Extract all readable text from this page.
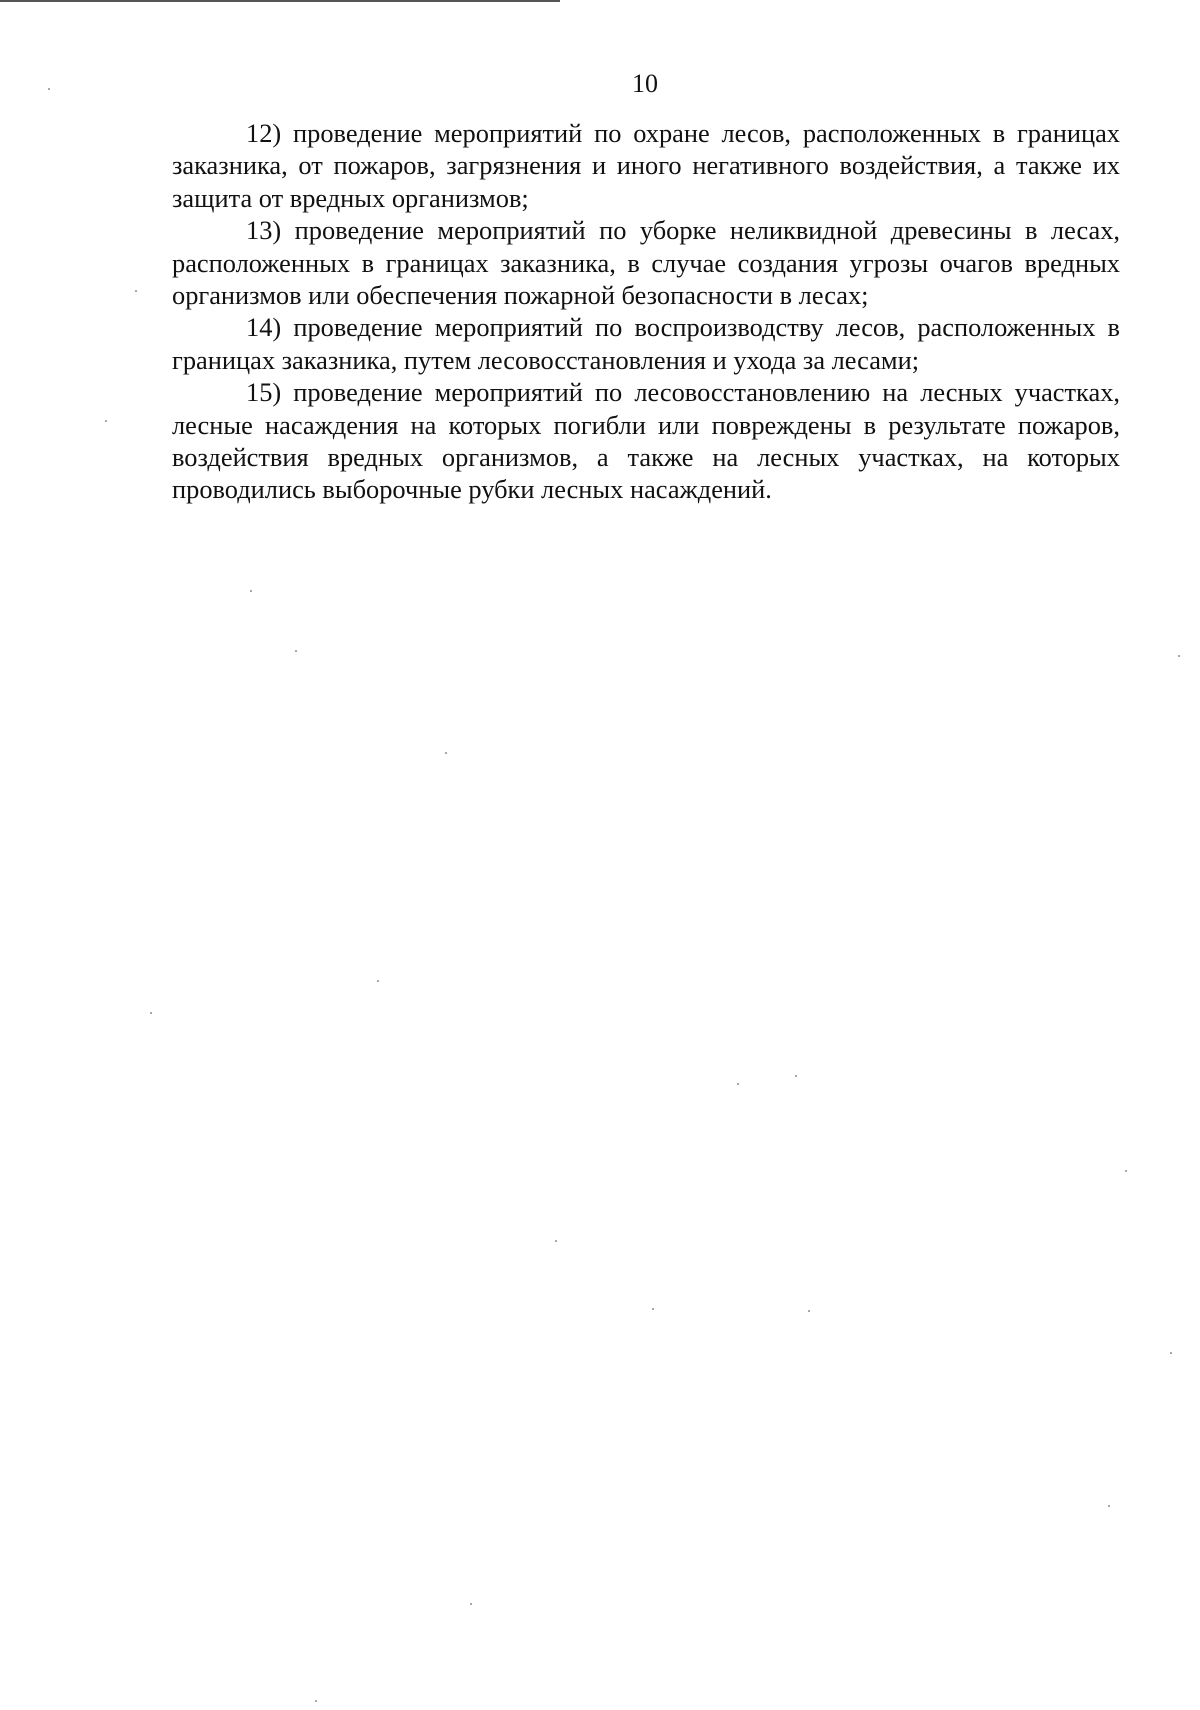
10

12) проведение мероприятий по охране лесов, расположенных в границах заказника, от пожаров, загрязнения и иного негативного воздействия, а также их защита от вредных организмов;

13) проведение мероприятий по уборке неликвидной древесины в лесах, расположенных в границах заказника, в случае создания угрозы очагов вредных организмов или обеспечения пожарной безопасности в лесах;

14) проведение мероприятий по воспроизводству лесов, расположенных в границах заказника, путем лесовосстановления и ухода за лесами;

15) проведение мероприятий по лесовосстановлению на лесных участках, лесные насаждения на которых погибли или повреждены в результате пожаров, воздействия вредных организмов, а также на лесных участках, на которых проводились выборочные рубки лесных насаждений.
